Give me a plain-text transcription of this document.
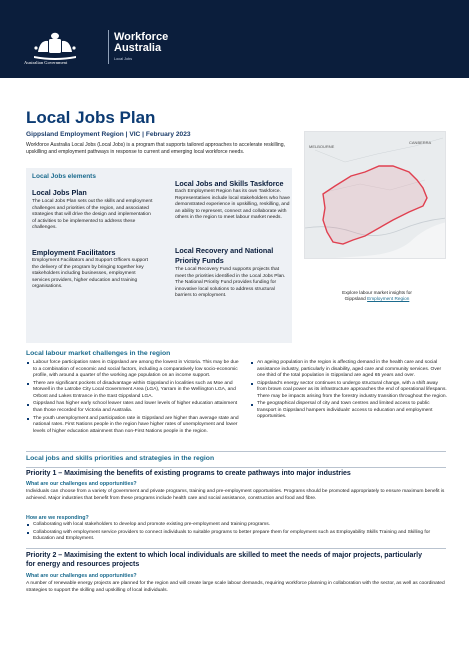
Australian Government
Workforce
Australia
Local Jobs
Local Jobs Plan
Gippsland Employment Region | VIC | February 2023
Workforce Australia Local Jobs (Local Jobs) is a program that supports tailored approaches to accelerate reskilling, upskilling and employment pathways in response to current and emerging local workforce needs.
Local Jobs elements
Local Jobs Plan
The Local Jobs Plan sets out the skills and employment challenges and priorities of the region, and associated strategies that will drive the design and implementation of activities to be implemented to address these challenges.
Employment Facilitators
Employment Facilitators and Support Officers support the delivery of the program by bringing together key stakeholders including businesses, employment services providers, higher education and training organisations.
Local Jobs and Skills Taskforce
Each Employment Region has its own Taskforce. Representatives include local stakeholders who have demonstrated experience in upskilling, reskilling, and an ability to represent, connect and collaborate with others in the region to meet labour market needs.
Local Recovery and National
Priority Funds
The Local Recovery Fund supports projects that meet the priorities identified in the Local Jobs Plan. The National Priority Fund provides funding for innovative local solutions to address structural barriers to employment.
MELBOURNE
CANBERRA
Explore labour market insights for
Gippsland Employment Region
Local labour market challenges in the region
Labour force participation rates in Gippsland are among the lowest in Victoria. This may be due to a combination of economic and social factors, including a comparatively low socio-economic profile, with around a quarter of the working age population on an income support.
There are significant pockets of disadvantage within Gippsland in localities such as Moe and Morwell in the Latrobe City Local Government Area (LGA), Yarram in the Wellington LGA, and Orbost and Lakes Entrance in the East Gippsland LGA.
Gippsland has higher early school leaver rates and lower levels of higher education attainment than those recorded for Victoria and Australia.
The youth unemployment and participation rate in Gippsland are higher than average state and national rates. First Nations people in the region have higher rates of unemployment and lower levels of higher education attainment than non-First Nations people in the region.
An ageing population in the region is affecting demand in the health care and social assistance industry, particularly in disability, aged care and community services. Over one third of the total population in Gippsland are aged 65 years and over.
Gippsland's energy sector continues to undergo structural change, with a shift away from brown coal power as its infrastructure approaches the end of operational lifespans. There may be impacts arising from the forestry industry transition throughout the region.
The geographical dispersal of city and town centres and limited access to public transport in Gippsland hampers individuals' access to education and employment opportunities.
Local jobs and skills priorities and strategies in the region
Priority 1 – Maximising the benefits of existing programs to create pathways into major industries
What are our challenges and opportunities?
Individuals can choose from a variety of government and private programs, training and pre-employment opportunities. Programs should be promoted appropriately to ensure maximum benefit is achieved. Major industries that benefit from these programs include health care and social assistance, construction and food and fibre.
How are we responding?
Collaborating with local stakeholders to develop and promote existing pre-employment and training programs.
Collaborating with employment service providers to connect individuals to suitable programs to better prepare them for employment such as Employability Skills Training and Skilling for Education and Employment.
Priority 2 – Maximising the extent to which local individuals are skilled to meet the needs of major projects, particularly
for energy and resources projects
What are our challenges and opportunities?
A number of renewable energy projects are planned for the region and will create large scale labour demands, requiring workforce planning in collaboration with the sector, as well as coordinated strategies to support the skilling and upskilling of local individuals.
